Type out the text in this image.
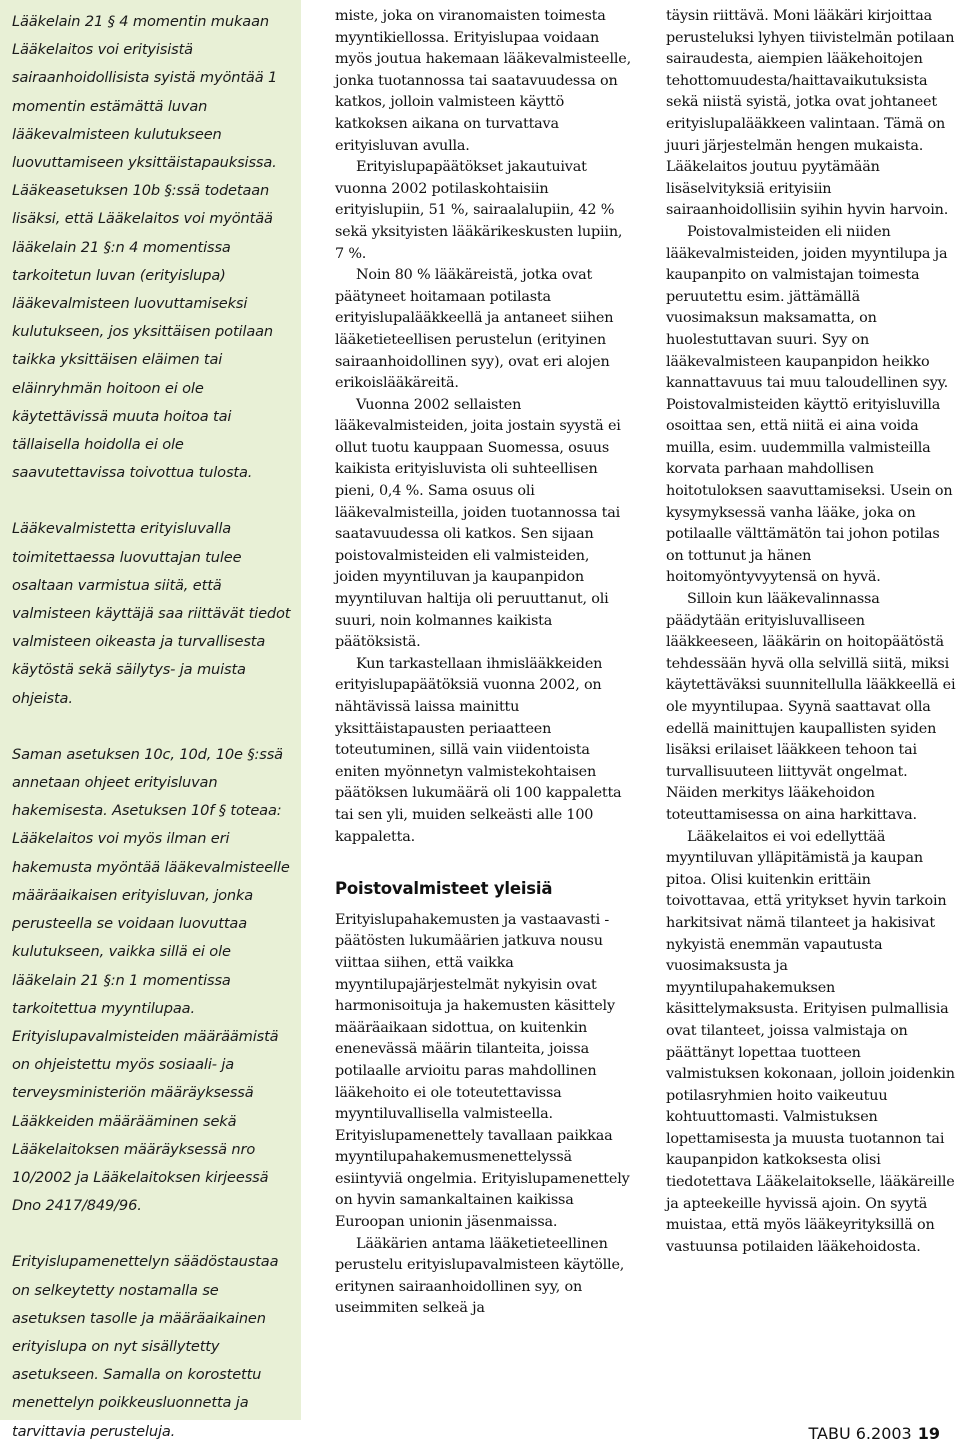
Lääkelain 21 § 4 momentin mukaan Lääkelaitos voi erityisistä sairaanhoidollisista syistä myöntää 1 momentin estämättä luvan lääkevalmisteen kulutukseen luovuttamiseen yksittäistapauksissa. Lääkeasetuksen 10b §:ssä todetaan lisäksi, että Lääkelaitos voi myöntää lääkelain 21 §:n 4 momentissa tarkoitetun luvan (erityislupa) lääkevalmisteen luovuttamiseksi kulutukseen, jos yksittäisen potilaan taikka yksittäisen eläimen tai eläinryhmän hoitoon ei ole käytettävissä muuta hoitoa tai tällaisella hoidolla ei ole saavutettavissa toivottua tulosta.

Lääkevalmistetta erityisluvalla toimitettaessa luovuttajan tulee osaltaan varmistua siitä, että valmisteen käyttäjä saa riittävät tiedot valmisteen oikeasta ja turvallisesta käytöstä sekä säilytys- ja muista ohjeista.

Saman asetuksen 10c, 10d, 10e §:ssä annetaan ohjeet erityisluvan hakemisesta. Asetuksen 10f § toteaa: Lääkelaitos voi myös ilman eri hakemusta myöntää lääkevalmisteelle määräaikaisen erityisluvan, jonka perusteella se voidaan luovuttaa kulutukseen, vaikka sillä ei ole lääkelain 21 §:n 1 momentissa tarkoitettua myyntilupaa. Erityislupavalmisteiden määräämistä on ohjeistettu myös sosiaali- ja terveysministeriön määräyksessä Lääkkeiden määrääminen sekä Lääkelaitoksen määräyksessä nro 10/2002 ja Lääkelaitoksen kirjeessä Dno 2417/849/96.

Erityislupamenettelyn säädöstaustaa on selkeytetty nostamalla se asetuksen tasolle ja määräaikainen erityislupa on nyt sisällytetty asetukseen. Samalla on korostettu menettelyn poikkeusluonnetta ja tarvittavia perusteluja.

miste, joka on viranomaisten toimesta myyntikiellossa. Erityislupaa voidaan myös joutua hakemaan lääkevalmisteelle, jonka tuotannossa tai saatavuudessa on katkos, jolloin valmisteen käyttö katkoksen aikana on turvattava erityisluvan avulla.

Erityislupapäätökset jakautuivat vuonna 2002 potilaskohtaisiin erityislupiin, 51 %, sairaalalupiin, 42 % sekä yksityisten lääkärikeskusten lupiin, 7 %.

Noin 80 % lääkäreistä, jotka ovat päätyneet hoitamaan potilasta erityislupalääkkeellä ja antaneet siihen lääketieteellisen perustelun (erityinen sairaanhoidollinen syy), ovat eri alojen erikoislääkäreitä.

Vuonna 2002 sellaisten lääkevalmisteiden, joita jostain syystä ei ollut tuotu kauppaan Suomessa, osuus kaikista erityisluvista oli suhteellisen pieni, 0,4 %. Sama osuus oli lääkevalmisteilla, joiden tuotannossa tai saatavuudessa oli katkos. Sen sijaan poistovalmisteiden eli valmisteiden, joiden myyntiluvan ja kaupanpidon myyntiluvan haltija oli peruuttanut, oli suuri, noin kolmannes kaikista päätöksistä.

Kun tarkastellaan ihmislääkkeiden erityislupapäätöksiä vuonna 2002, on nähtävissä laissa mainittu yksittäistapausten periaatteen toteutuminen, sillä vain viidentoista eniten myönnetyn valmistekohtaisen päätöksen lukumäärä oli 100 kappaletta tai sen yli, muiden selkeästi alle 100 kappaletta.

Poistovalmisteet yleisiä

Erityislupahakemusten ja vastaavasti -päätösten lukumäärien jatkuva nousu viittaa siihen, että vaikka myyntilupajärjestelmät nykyisin ovat harmonisoituja ja hakemusten käsittely määräaikaan sidottua, on kuitenkin enenevässä määrin tilanteita, joissa potilaalle arvioitu paras mahdollinen lääkehoito ei ole toteutettavissa myyntiluvallisella valmisteella. Erityislupamenettely tavallaan paikkaa myyntilupahakemusmenettelyssä esiintyviä ongelmia. Erityislupamenettely on hyvin samankaltainen kaikissa Euroopan unionin jäsenmaissa.

Lääkärien antama lääketieteellinen perustelu erityislupavalmisteen käytölle, eritynen sairaanhoidollinen syy, on useimmiten selkeä ja

täysin riittävä. Moni lääkäri kirjoittaa perusteluksi lyhyen tiivistelmän potilaan sairaudesta, aiempien lääkehoitojen tehottomuudesta/haittavaikutuksista sekä niistä syistä, jotka ovat johtaneet erityislupalääkkeen valintaan. Tämä on juuri järjestelmän hengen mukaista. Lääkelaitos joutuu pyytämään lisäselvityksiä erityisiin sairaanhoidollisiin syihin hyvin harvoin.

Poistovalmisteiden eli niiden lääkevalmisteiden, joiden myyntilupa ja kaupanpito on valmistajan toimesta peruutettu esim. jättämällä vuosimaksun maksamatta, on huolestuttavan suuri. Syy on lääkevalmisteen kaupanpidon heikko kannattavuus tai muu taloudellinen syy. Poistovalmisteiden käyttö erityisluvilla osoittaa sen, että niitä ei aina voida muilla, esim. uudemmilla valmisteilla korvata parhaan mahdollisen hoitotuloksen saavuttamiseksi. Usein on kysymyksessä vanha lääke, joka on potilaalle välttämätön tai johon potilas on tottunut ja hänen hoitomyöntyvyytensä on hyvä.

Silloin kun lääkevalinnassa päädytään erityisluvalliseen lääkkeeseen, lääkärin on hoitopäätöstä tehdessään hyvä olla selvillä siitä, miksi käytettäväksi suunnitellulla lääkkeellä ei ole myyntilupaa. Syynä saattavat olla edellä mainittujen kaupallisten syiden lisäksi erilaiset lääkkeen tehoon tai turvallisuuteen liittyvät ongelmat. Näiden merkitys lääkehoidon toteuttamisessa on aina harkittava.

Lääkelaitos ei voi edellyttää myyntiluvan ylläpitämistä ja kaupan pitoa. Olisi kuitenkin erittäin toivottavaa, että yritykset hyvin tarkoin harkitsivat nämä tilanteet ja hakisivat nykyistä enemmän vapautusta vuosimaksusta ja myyntilupahakemuksen käsittelymaksusta. Erityisen pulmallisia ovat tilanteet, joissa valmistaja on päättänyt lopettaa tuotteen valmistuksen kokonaan, jolloin joidenkin potilasryhmien hoito vaikeutuu kohtuuttomasti. Valmistuksen lopettamisesta ja muusta tuotannon tai kaupanpidon katkoksesta olisi tiedotettava Lääkelaitokselle, lääkäreille ja apteekeille hyvissä ajoin. On syytä muistaa, että myös lääkeyrityksillä on vastuunsa potilaiden lääkehoidosta.

TABU 6.2003 19
